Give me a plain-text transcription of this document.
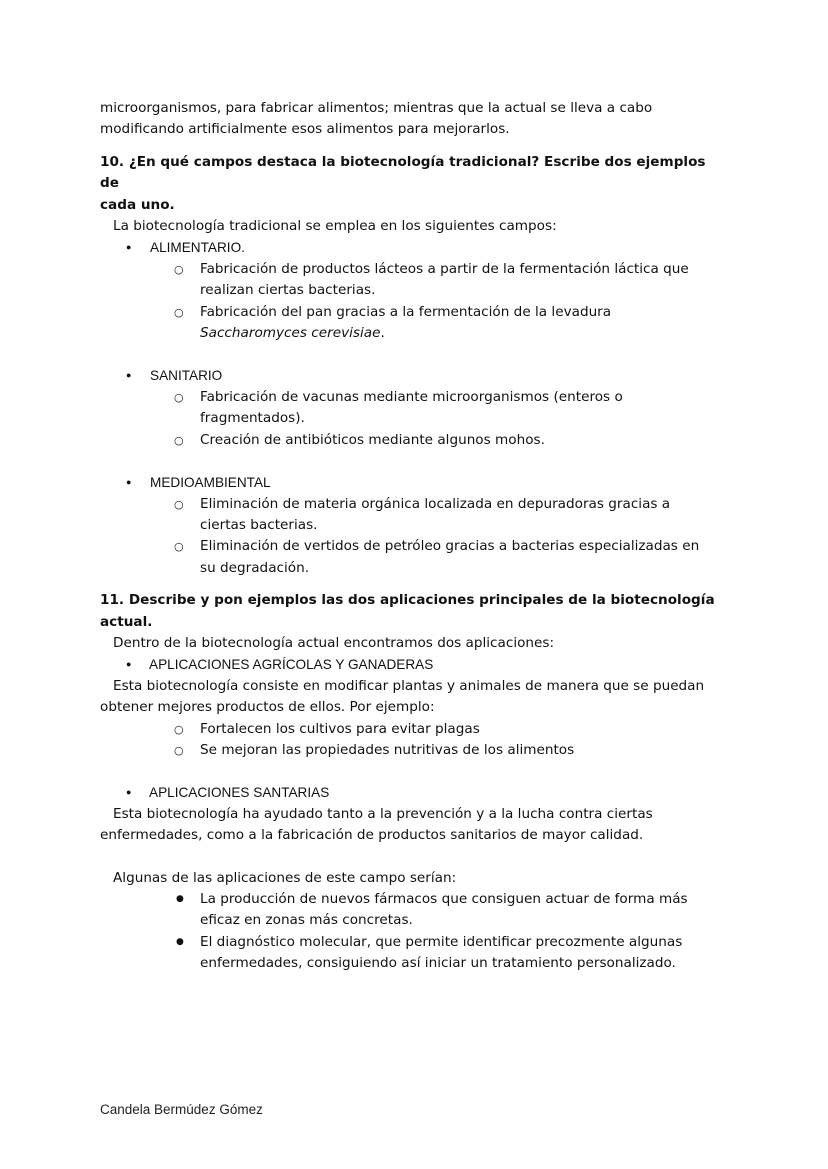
microorganismos, para fabricar alimentos; mientras que la actual se lleva a cabo

modificando artificialmente esos alimentos para mejorarlos.

10. ¿En qué campos destaca la biotecnología tradicional? Escribe dos ejemplos de

cada uno.

La biotecnología tradicional se emplea en los siguientes campos:

● ALIMENTARIO.

○ Fabricación de productos lácteos a partir de la fermentación láctica que

realizan ciertas bacterias.

○ Fabricación del pan gracias a la fermentación de la levadura

Saccharomyces cerevisiae.

● SANITARIO

○ Fabricación de vacunas mediante microorganismos (enteros o

fragmentados).

○ Creación de antibióticos mediante algunos mohos.

● MEDIOAMBIENTAL

○ Eliminación de materia orgánica localizada en depuradoras gracias a

ciertas bacterias.

○ Eliminación de vertidos de petróleo gracias a bacterias especializadas en

su degradación.

11. Describe y pon ejemplos las dos aplicaciones principales de la biotecnología

actual.

Dentro de la biotecnología actual encontramos dos aplicaciones:

● APLICACIONES AGRÍCOLAS Y GANADERAS

Esta biotecnología consiste en modificar plantas y animales de manera que se puedan

obtener mejores productos de ellos. Por ejemplo:

○ Fortalecen los cultivos para evitar plagas

○ Se mejoran las propiedades nutritivas de los alimentos

● APLICACIONES SANTARIAS

Esta biotecnología ha ayudado tanto a la prevención y a la lucha contra ciertas

enfermedades, como a la fabricación de productos sanitarios de mayor calidad.

Algunas de las aplicaciones de este campo serían:

● La producción de nuevos fármacos que consiguen actuar de forma más

eficaz en zonas más concretas.

● El diagnóstico molecular, que permite identificar precozmente algunas

enfermedades, consiguiendo así iniciar un tratamiento personalizado.

Candela Bermúdez Gómez
